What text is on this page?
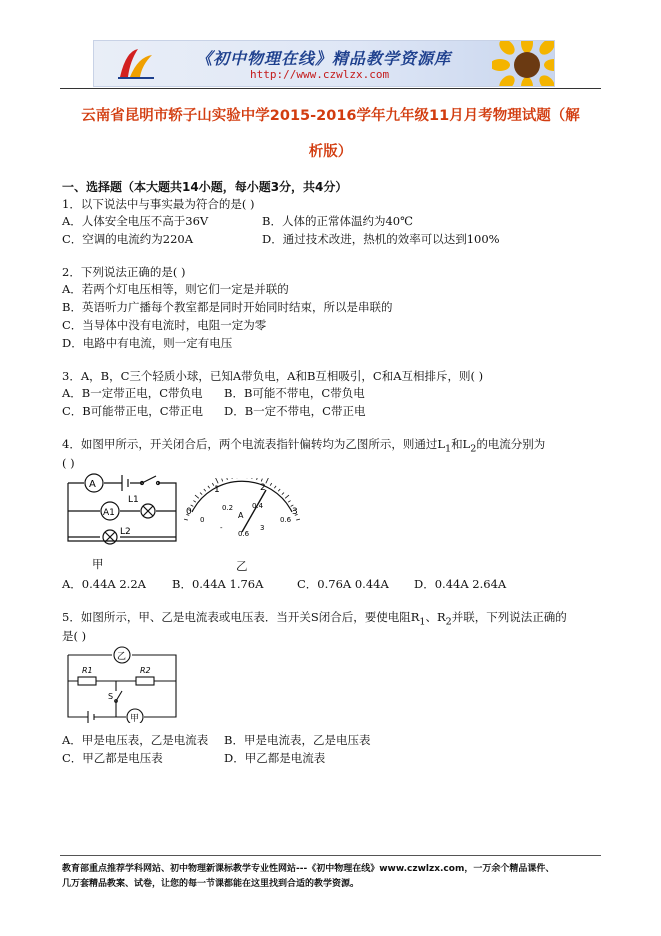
《初中物理在线》精品教学资源库
http://www.czwlzx.com
云南省昆明市轿子山实验中学2015-2016学年九年级11月月考物理试题（解
析版）
一、选择题（本大题共14小题，每小题3分，共4分）
1．以下说法中与事实最为符合的是( )
A．人体安全电压不高于36V	B．人体的正常体温约为40℃
C．空调的电流约为220A	D．通过技术改进，热机的效率可以达到100%
2．下列说法正确的是( )
A．若两个灯电压相等，则它们一定是并联的
B．英语听力广播每个教室都是同时开始同时结束，所以是串联的
C．当导体中没有电流时，电阻一定为零
D．电路中有电流，则一定有电压
3．A，B，C三个轻质小球，已知A带负电，A和B互相吸引，C和A互相排斥，则( )
A．B一定带正电，C带负电 B．B可能不带电，C带负电
C．B可能带正电，C带正电 D．B一定不带电，C带正电
4．如图甲所示，开关闭合后，两个电流表指针偏转均为乙图所示，则通过$L_1$和$L_2$的电流分别为
( )
A
A1
L1
L2
0
1	2
3
0
0.2	0.4
0.6
A
-
0.6
3
甲	乙
A．0.44A 2.2A B．0.44A 1.76A	C．0.76A 0.44A D．0.44A 2.64A
5．如图所示，甲、乙是电流表或电压表．当开关S闭合后，要使电阻$R_1$、$R_2$并联，下列说法正确的
是( )
乙
甲
R1	R2
S
A．甲是电压表，乙是电流表 B．甲是电流表，乙是电压表
C．甲乙都是电压表	D．甲乙都是电流表
教育部重点推荐学科网站、初中物理新课标教学专业性网站---《初中物理在线》www.czwlzx.com，一万余个精品课件、
几万套精品教案、试卷，让您的每一节课都能在这里找到合适的教学资源。
